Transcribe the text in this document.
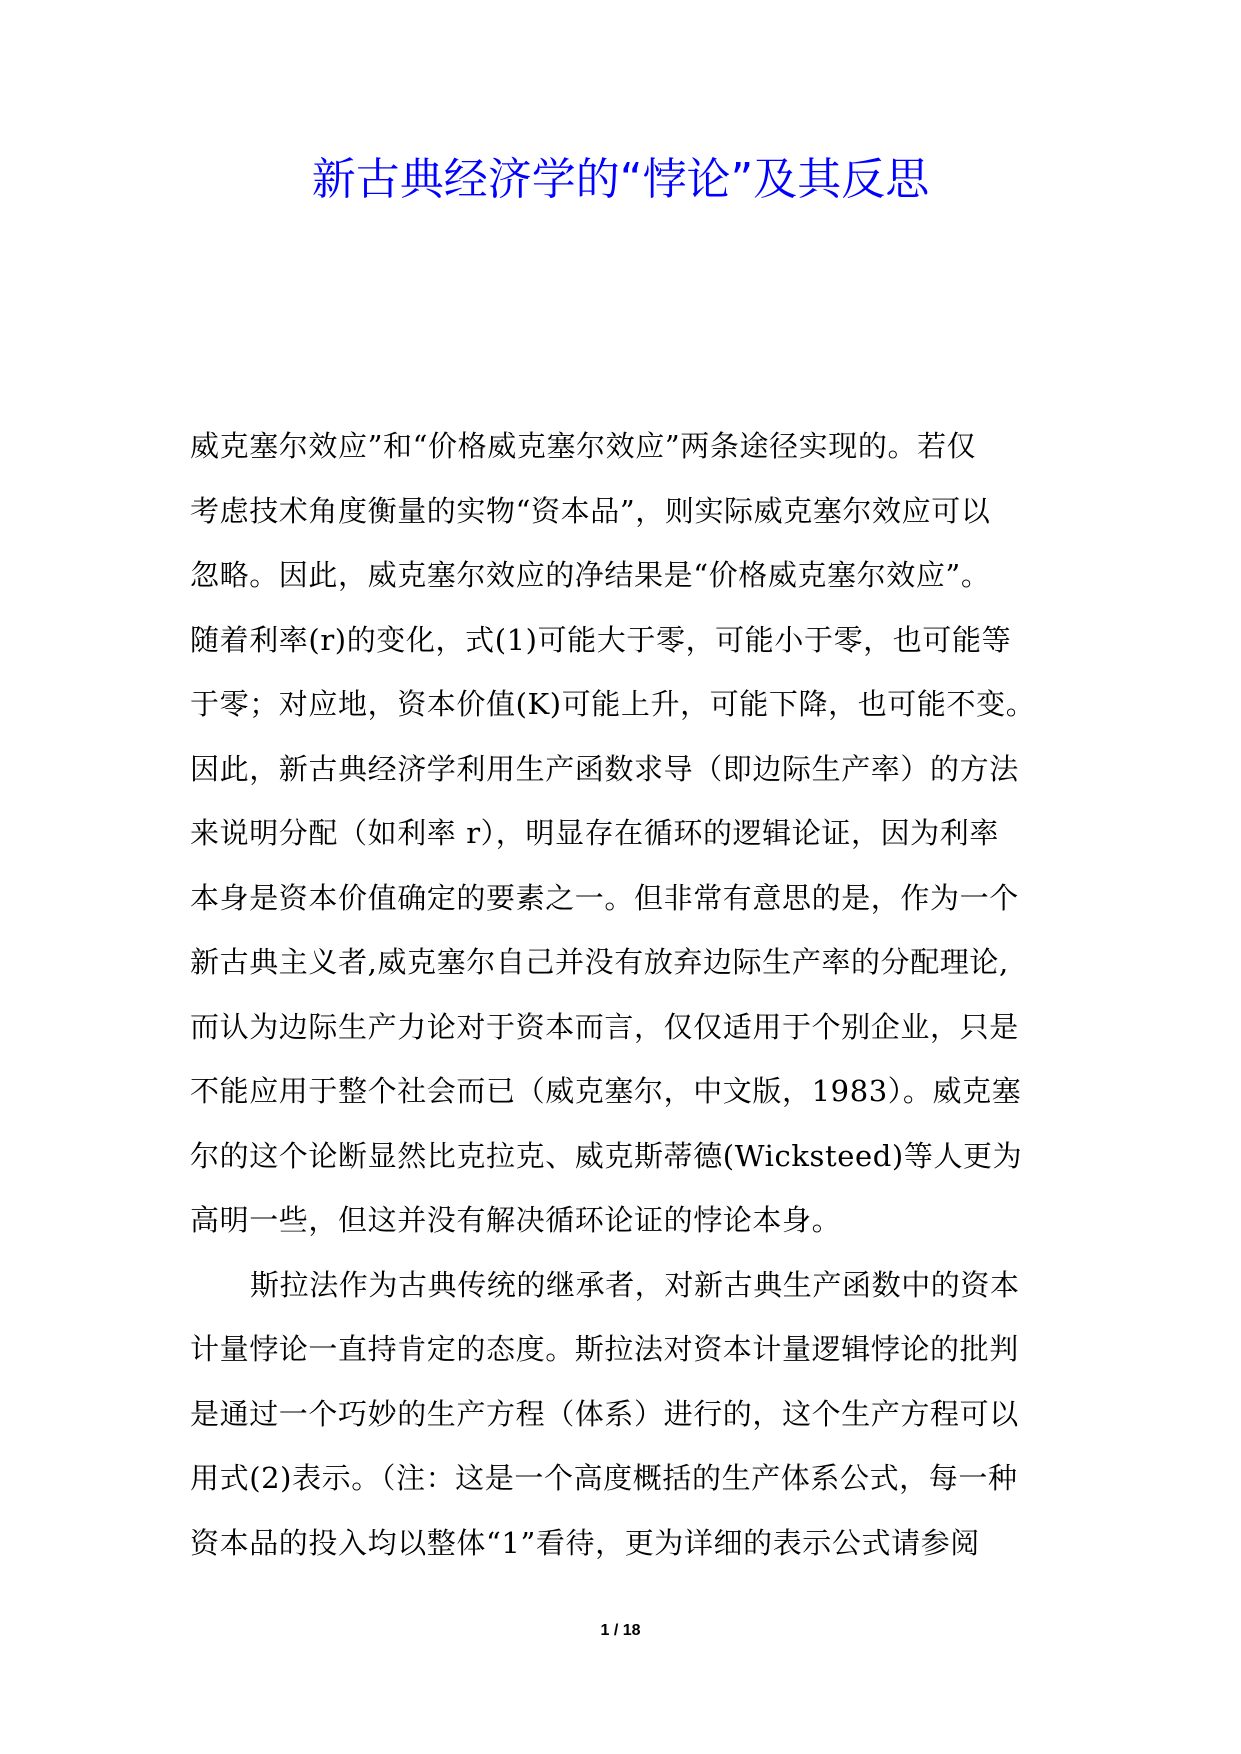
新古典经济学的“悖论”及其反思
威克塞尔效应”和“价格威克塞尔效应”两条途径实现的。若仅
考虑技术角度衡量的实物“资本品”，则实际威克塞尔效应可以
忽略。因此，威克塞尔效应的净结果是“价格威克塞尔效应”。
随着利率(r)的变化，式(1)可能大于零，可能小于零，也可能等
于零；对应地，资本价值(K)可能上升，可能下降，也可能不变。
因此，新古典经济学利用生产函数求导（即边际生产率）的方法
来说明分配（如利率 r），明显存在循环的逻辑论证，因为利率
本身是资本价值确定的要素之一。但非常有意思的是，作为一个
新古典主义者,威克塞尔自己并没有放弃边际生产率的分配理论,
而认为边际生产力论对于资本而言，仅仅适用于个别企业，只是
不能应用于整个社会而已（威克塞尔，中文版，1983）。威克塞
尔的这个论断显然比克拉克、威克斯蒂德(Wicksteed)等人更为
高明一些，但这并没有解决循环论证的悖论本身。
斯拉法作为古典传统的继承者，对新古典生产函数中的资本
计量悖论一直持肯定的态度。斯拉法对资本计量逻辑悖论的批判
是通过一个巧妙的生产方程（体系）进行的，这个生产方程可以
用式(2)表示。（注：这是一个高度概括的生产体系公式，每一种
资本品的投入均以整体“1”看待，更为详细的表示公式请参阅
1 / 18
